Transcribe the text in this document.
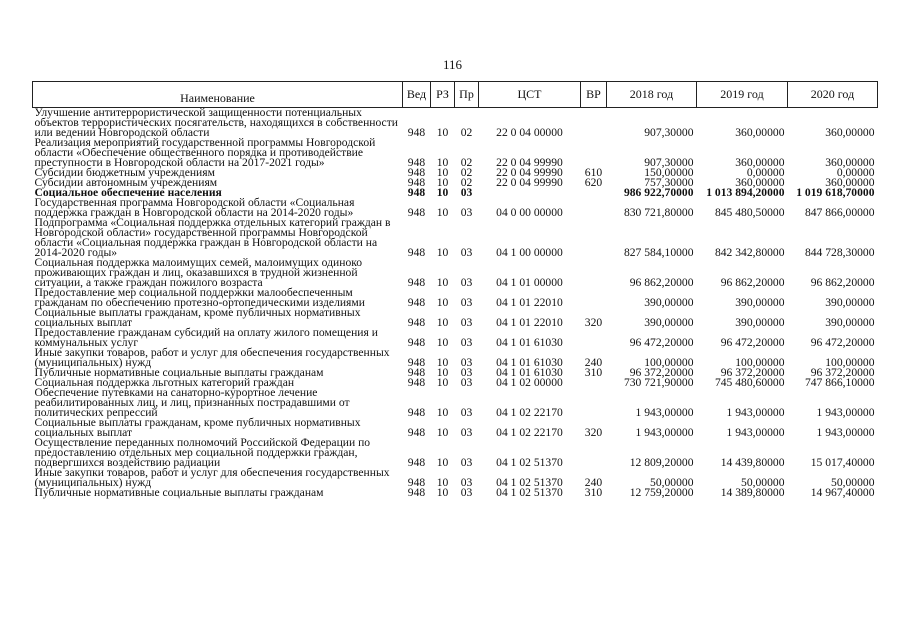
116
Наименование	Вед	РЗ	Пр	ЦСТ	ВР	2018 год	2019 год	2020 год
Улучшение антитеррористической защищенности потенциальных объектов террористических посягательств, находящихся в собственности или ведении Новгородской области	948	10	02	22 0 04 00000		907,30000	360,00000	360,00000
Реализация мероприятий государственной программы Новгородской области «Обеспечение общественного порядка и противодействие преступности в Новгородской области на 2017-2021 годы»	948	10	02	22 0 04 99990		907,30000	360,00000	360,00000
Субсидии бюджетным учреждениям	948	10	02	22 0 04 99990	610	150,00000	0,00000	0,00000
Субсидии автономным учреждениям	948	10	02	22 0 04 99990	620	757,30000	360,00000	360,00000
Социальное обеспечение населения	948	10	03			986 922,70000	1 013 894,20000	1 019 618,70000
Государственная программа Новгородской области «Социальная поддержка граждан в Новгородской области на 2014-2020 годы»	948	10	03	04 0 00 00000		830 721,80000	845 480,50000	847 866,00000
Подпрограмма «Социальная поддержка отдельных категорий граждан в Новгородской области» государственной программы Новгородской области «Социальная поддержка граждан в Новгородской области на 2014-2020 годы»	948	10	03	04 1 00 00000		827 584,10000	842 342,80000	844 728,30000
Социальная поддержка малоимущих семей, малоимущих одиноко проживающих граждан и лиц, оказавшихся в трудной жизненной ситуации, а также граждан пожилого возраста	948	10	03	04 1 01 00000		96 862,20000	96 862,20000	96 862,20000
Предоставление мер социальной поддержки малообеспеченным гражданам по обеспечению протезно-ортопедическими изделиями	948	10	03	04 1 01 22010		390,00000	390,00000	390,00000
Социальные выплаты гражданам, кроме публичных нормативных социальных выплат	948	10	03	04 1 01 22010	320	390,00000	390,00000	390,00000
Предоставление гражданам субсидий на оплату жилого помещения и коммунальных услуг	948	10	03	04 1 01 61030		96 472,20000	96 472,20000	96 472,20000
Иные закупки товаров, работ и услуг для обеспечения государственных (муниципальных) нужд	948	10	03	04 1 01 61030	240	100,00000	100,00000	100,00000
Публичные нормативные социальные выплаты гражданам	948	10	03	04 1 01 61030	310	96 372,20000	96 372,20000	96 372,20000
Социальная поддержка льготных категорий граждан	948	10	03	04 1 02 00000		730 721,90000	745 480,60000	747 866,10000
Обеспечение путевками на санаторно-курортное лечение реабилитированных лиц, и лиц, признанных пострадавшими от политических репрессий	948	10	03	04 1 02 22170		1 943,00000	1 943,00000	1 943,00000
Социальные выплаты гражданам, кроме публичных нормативных социальных выплат	948	10	03	04 1 02 22170	320	1 943,00000	1 943,00000	1 943,00000
Осуществление переданных полномочий Российской Федерации по предоставлению отдельных мер социальной поддержки граждан, подвергшихся воздействию радиации	948	10	03	04 1 02 51370		12 809,20000	14 439,80000	15 017,40000
Иные закупки товаров, работ и услуг для обеспечения государственных (муниципальных) нужд	948	10	03	04 1 02 51370	240	50,00000	50,00000	50,00000
Публичные нормативные социальные выплаты гражданам	948	10	03	04 1 02 51370	310	12 759,20000	14 389,80000	14 967,40000
